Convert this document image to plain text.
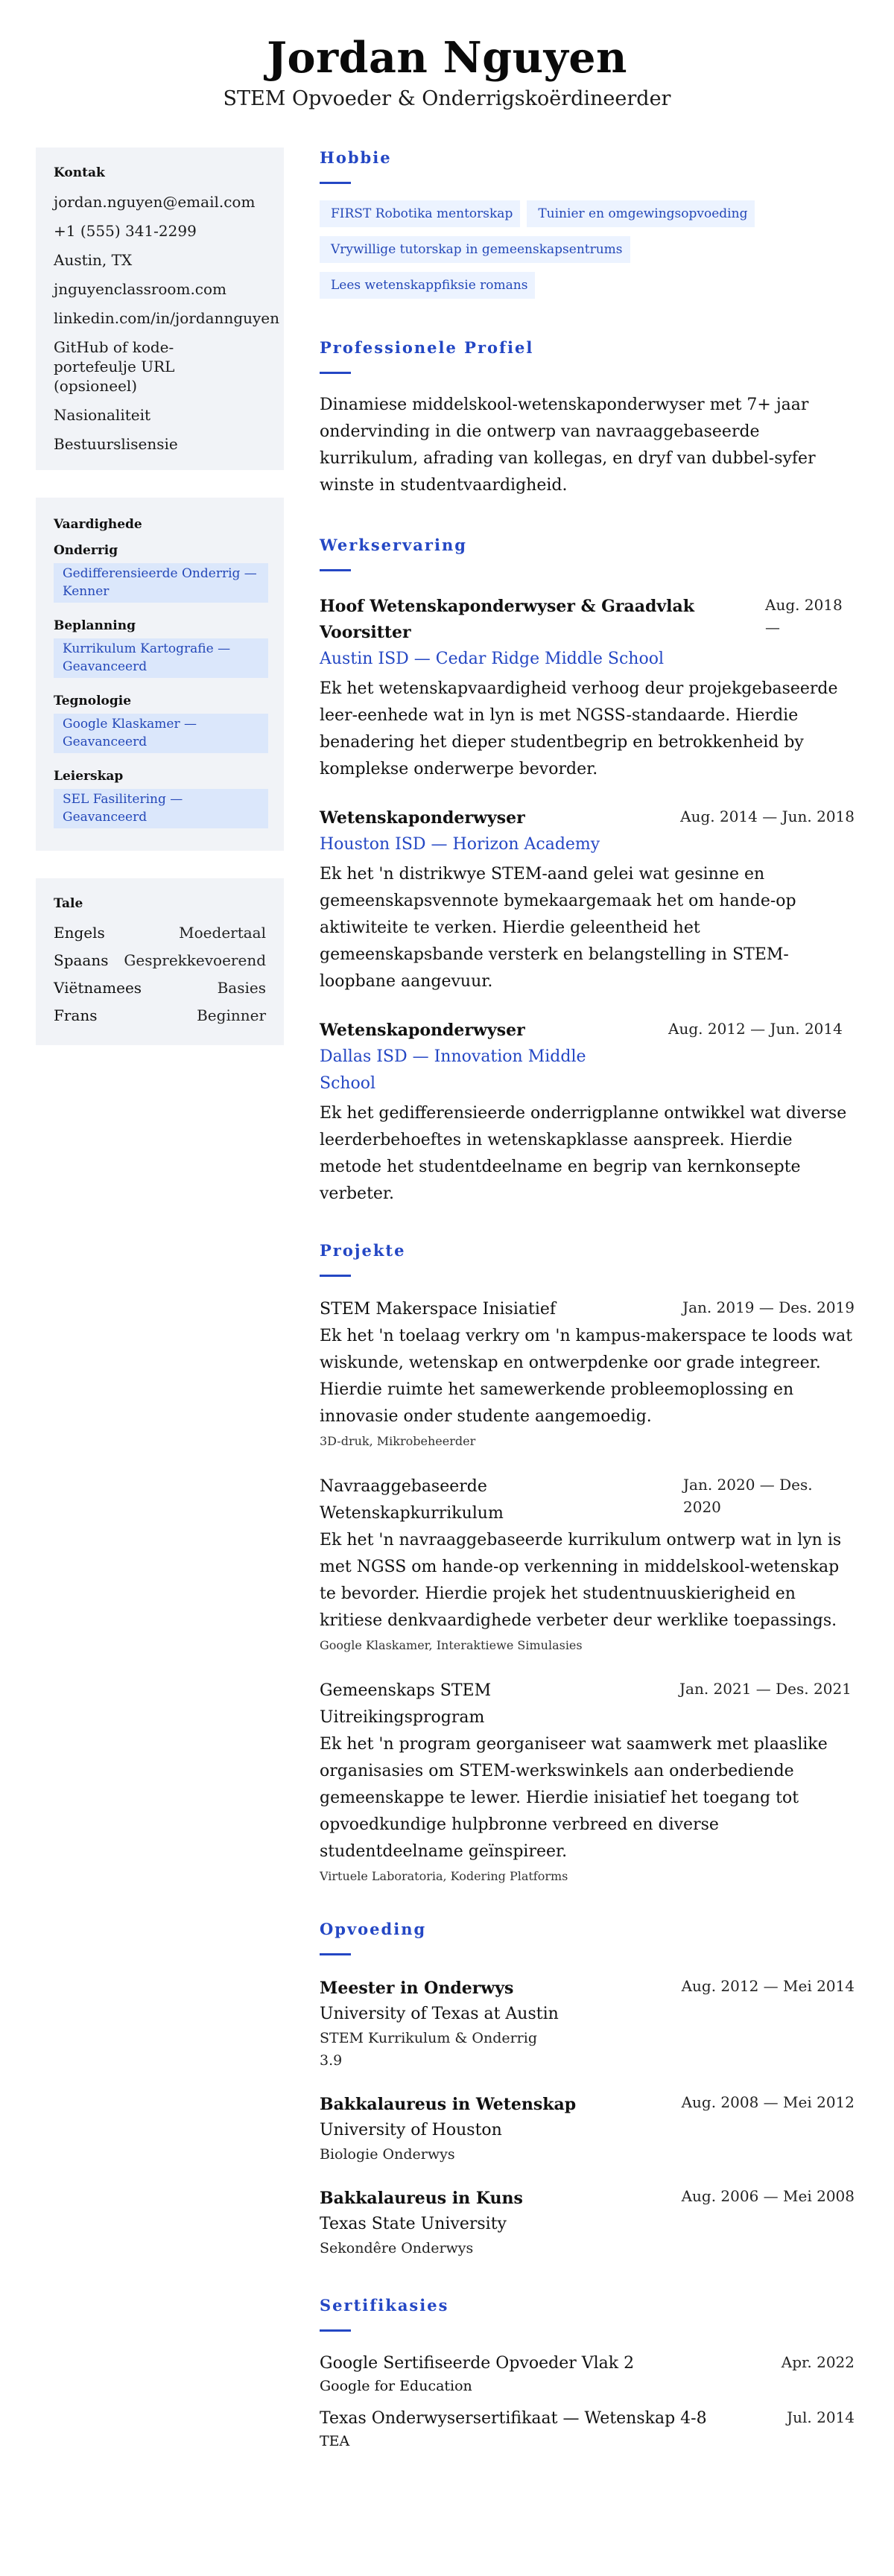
Jordan Nguyen
STEM Opvoeder & Onderrigskoërdineerder
Kontak
jordan.nguyen@email.com
+1 (555) 341-2299
Austin, TX
jnguyenclassroom.com
linkedin.com/in/jordannguyen
GitHub of kode-portefeulje URL (opsioneel)
Nasionaliteit
Bestuurslisensie
Vaardighede
Onderrig
Gedifferensieerde Onderrig — Kenner
Beplanning
Kurrikulum Kartografie — Geavanceerd
Tegnologie
Google Klaskamer — Geavanceerd
Leierskap
SEL Fasilitering — Geavanceerd
Tale
Engels	Moedertaal
Spaans Gesprekkevoerend
Viëtnamees	Basies
Frans	Beginner
Hobbie
FIRST Robotika mentorskap	Tuinier en omgewingsopvoeding
Vrywillige tutorskap in gemeenskapsentrums
Lees wetenskappfiksie romans
Professionele Profiel

Dinamiese middelskool-wetenskaponderwyser met 7+ jaar ondervinding in die ontwerp van navraaggebaseerde kurrikulum, afrading van kollegas, en dryf van dubbel-syfer winste in studentvaardigheid.

Werkservaring
Hoof Wetenskaponderwyser & Graadvlak Voorsitter
Aug. 2018 —
Austin ISD — Cedar Ridge Middle School

Ek het wetenskapvaardigheid verhoog deur projekgebaseerde leer-eenhede wat in lyn is met NGSS-standaarde. Hierdie benadering het dieper studentbegrip en betrokkenheid by komplekse onderwerpe bevorder.

Wetenskaponderwyser	Aug. 2014 — Jun. 2018
Houston ISD — Horizon Academy

Ek het 'n distrikwye STEM-aand gelei wat gesinne en gemeenskapsvennote bymekaargemaak het om hande-op aktiwiteite te verken. Hierdie geleentheid het gemeenskapsbande versterk en belangstelling in STEM-loopbane aangevuur.

Wetenskaponderwyser
Dallas ISD — Innovation Middle School
Aug. 2012 — Jun. 2014

Ek het gedifferensieerde onderrigplanne ontwikkel wat diverse leerderbehoeftes in wetenskapklasse aanspreek. Hierdie metode het studentdeelname en begrip van kernkonsepte verbeter.

Projekte
STEM Makerspace Inisiatief	Jan. 2019 — Des. 2019

Ek het 'n toelaag verkry om 'n kampus-makerspace te loods wat wiskunde, wetenskap en ontwerpdenke oor grade integreer. Hierdie ruimte het samewerkende probleemoplossing en innovasie onder studente aangemoedig.

3D-druk, Mikrobeheerder
Navraaggebaseerde Wetenskapkurrikulum
Jan. 2020 — Des. 2020

Ek het 'n navraaggebaseerde kurrikulum ontwerp wat in lyn is met NGSS om hande-op verkenning in middelskool-wetenskap te bevorder. Hierdie projek het studentnuuskierigheid en kritiese denkvaardighede verbeter deur werklike toepassings.

Google Klaskamer, Interaktiewe Simulasies
Gemeenskaps STEM Uitreikingsprogram
Jan. 2021 — Des. 2021

Ek het 'n program georganiseer wat saamwerk met plaaslike organisasies om STEM-werkswinkels aan onderbediende gemeenskappe te lewer. Hierdie inisiatief het toegang tot opvoedkundige hulpbronne verbreed en diverse studentdeelname geïnspireer.

Virtuele Laboratoria, Kodering Platforms
Opvoeding
Meester in Onderwys	Aug. 2012 — Mei 2014
University of Texas at Austin
STEM Kurrikulum & Onderrig
3.9
Bakkalaureus in Wetenskap	Aug. 2008 — Mei 2012
University of Houston
Biologie Onderwys
Bakkalaureus in Kuns	Aug. 2006 — Mei 2008
Texas State University
Sekondêre Onderwys
Sertifikasies
Google Sertifiseerde Opvoeder Vlak 2	Apr. 2022
Google for Education
Texas Onderwysersertifikaat — Wetenskap 4-8	Jul. 2014
TEA
